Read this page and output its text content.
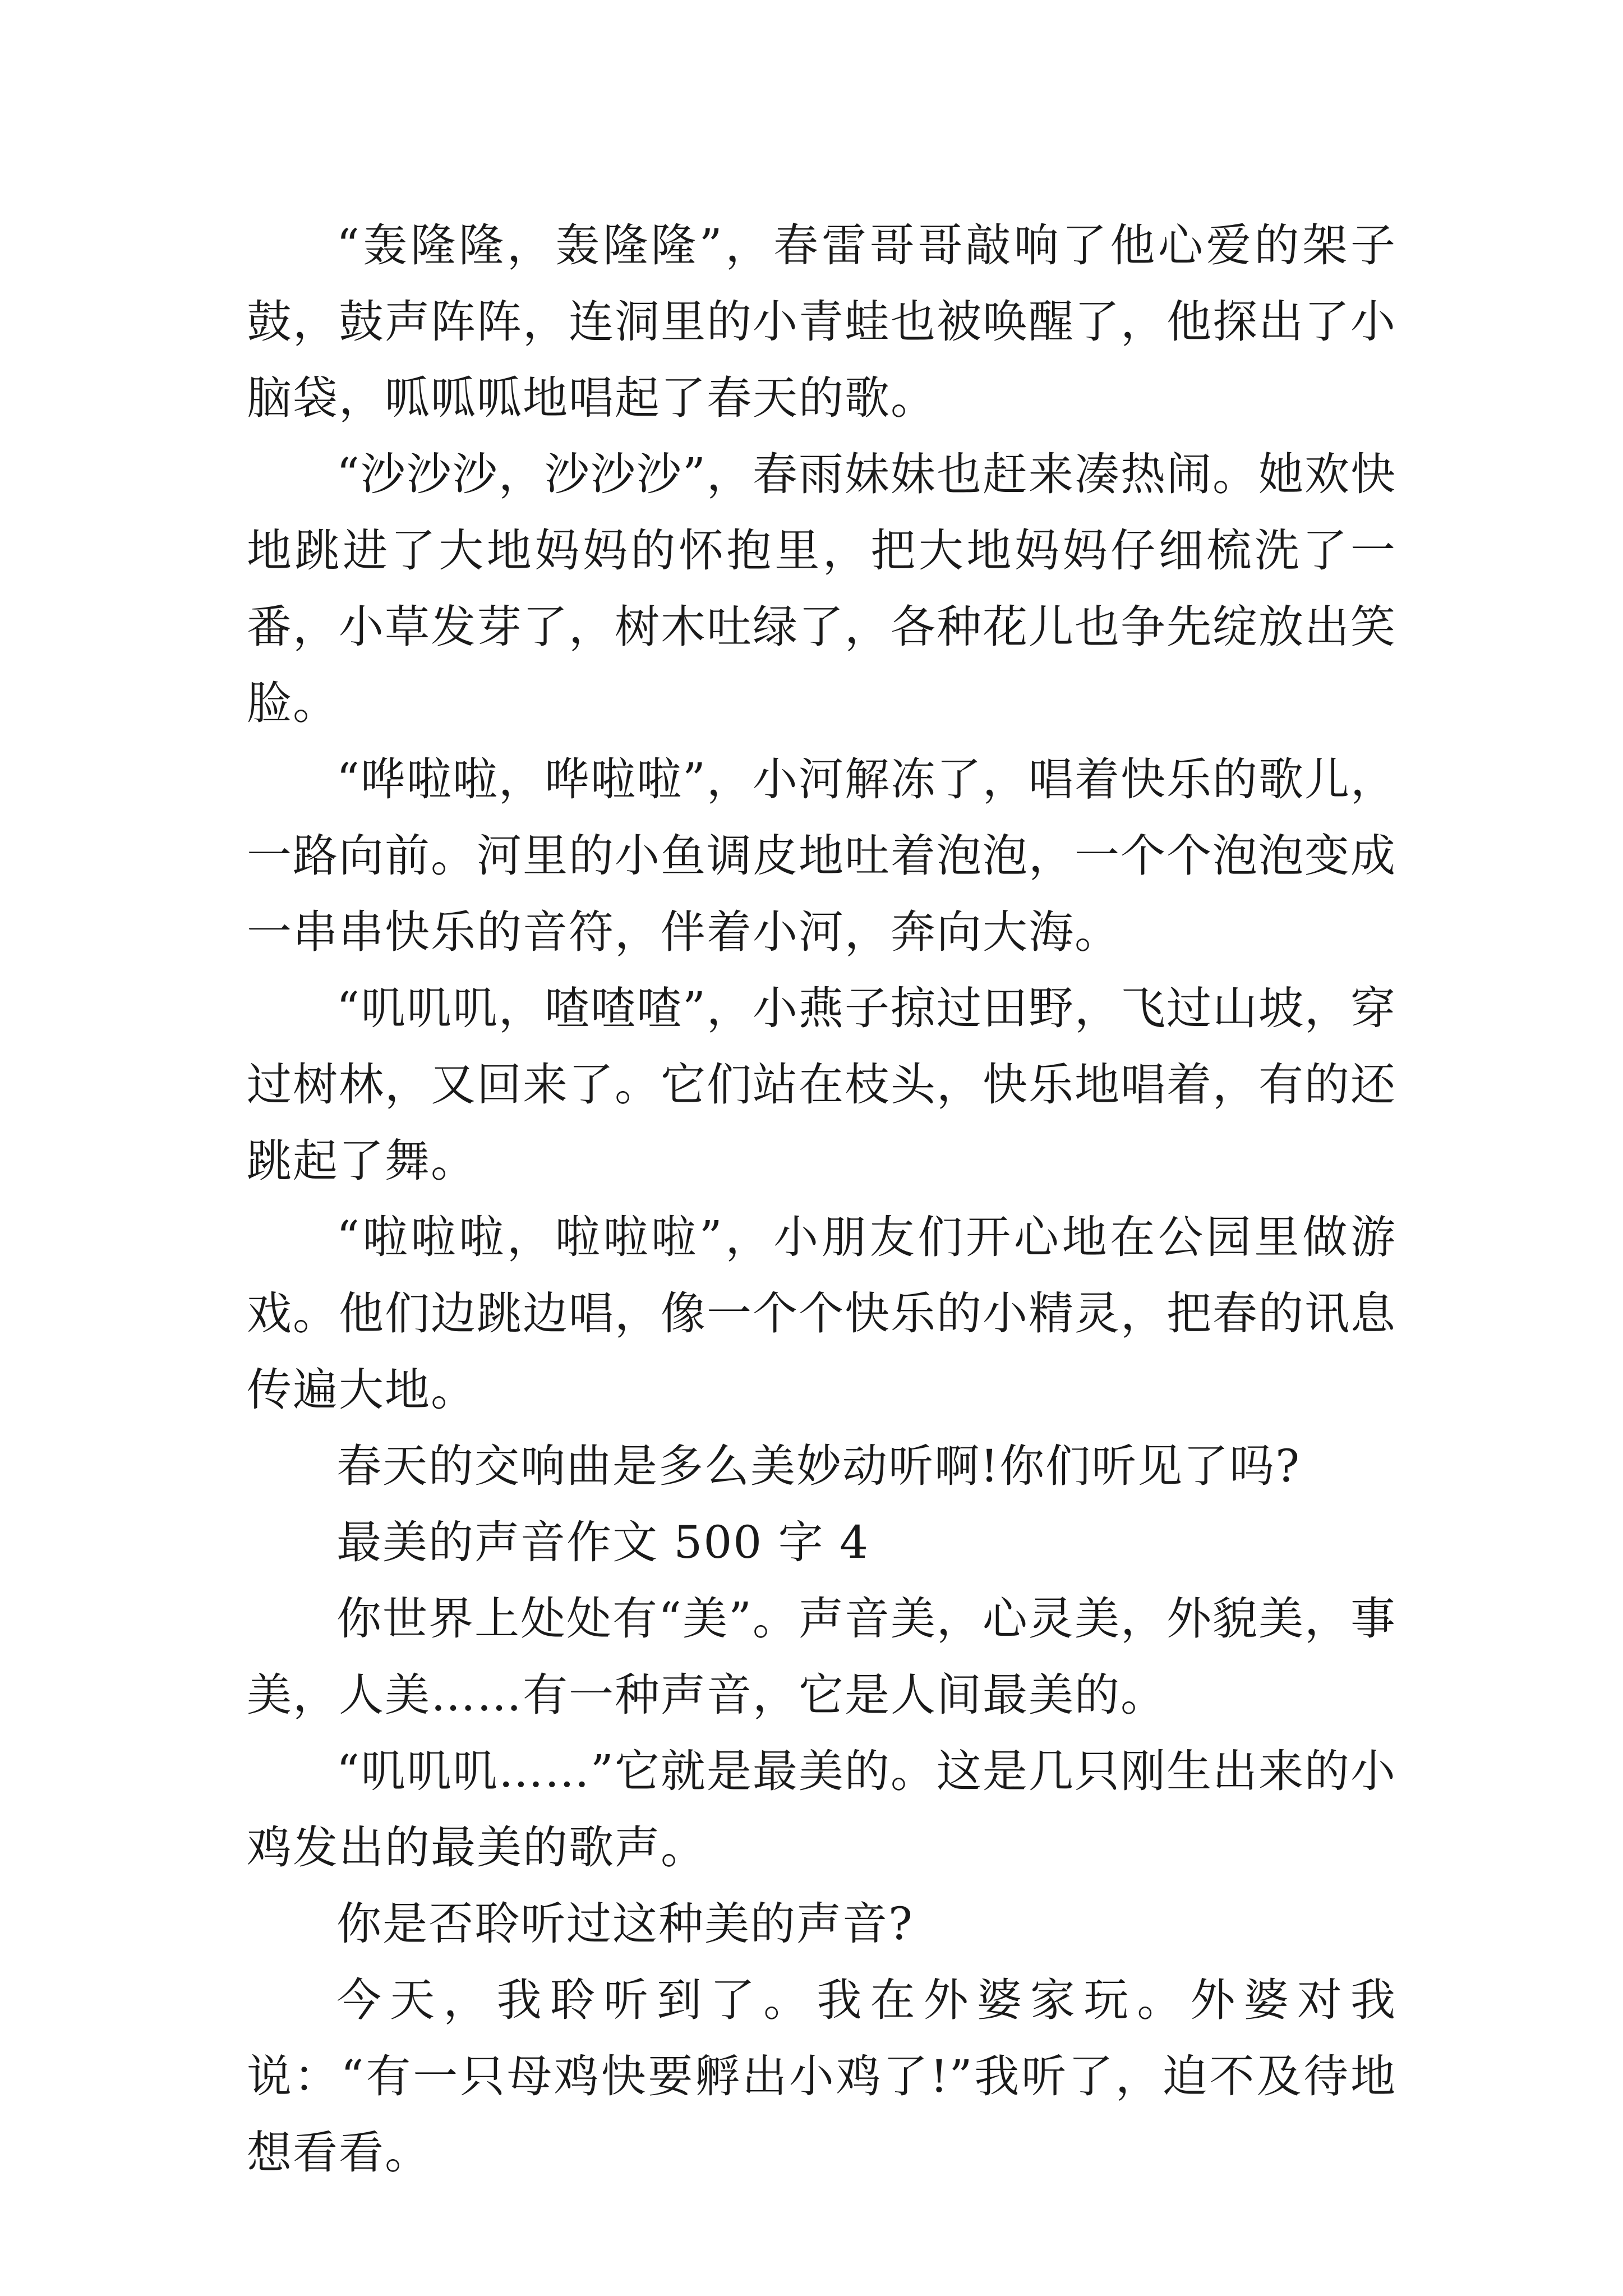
“轰隆隆，轰隆隆”，春雷哥哥敲响了他心爱的架子鼓，鼓声阵阵，连洞里的小青蛙也被唤醒了，他探出了小脑袋，呱呱呱地唱起了春天的歌。

“沙沙沙，沙沙沙”，春雨妹妹也赶来凑热闹。她欢快地跳进了大地妈妈的怀抱里，把大地妈妈仔细梳洗了一番，小草发芽了，树木吐绿了，各种花儿也争先绽放出笑脸。

“哗啦啦，哗啦啦”，小河解冻了，唱着快乐的歌儿，一路向前。河里的小鱼调皮地吐着泡泡，一个个泡泡变成一串串快乐的音符，伴着小河，奔向大海。

“叽叽叽，喳喳喳”，小燕子掠过田野，飞过山坡，穿过树林，又回来了。它们站在枝头，快乐地唱着，有的还跳起了舞。

“啦啦啦，啦啦啦”，小朋友们开心地在公园里做游戏。他们边跳边唱，像一个个快乐的小精灵，把春的讯息传遍大地。

春天的交响曲是多么美妙动听啊!你们听见了吗?

最美的声音作文 500 字 4

你世界上处处有“美”。声音美，心灵美，外貌美，事美，人美……有一种声音，它是人间最美的。

“叽叽叽……”它就是最美的。这是几只刚生出来的小鸡发出的最美的歌声。

你是否聆听过这种美的声音?

今天，我聆听到了。我在外婆家玩。外婆对我说：“有一只母鸡快要孵出小鸡了!”我听了，迫不及待地想看看。
